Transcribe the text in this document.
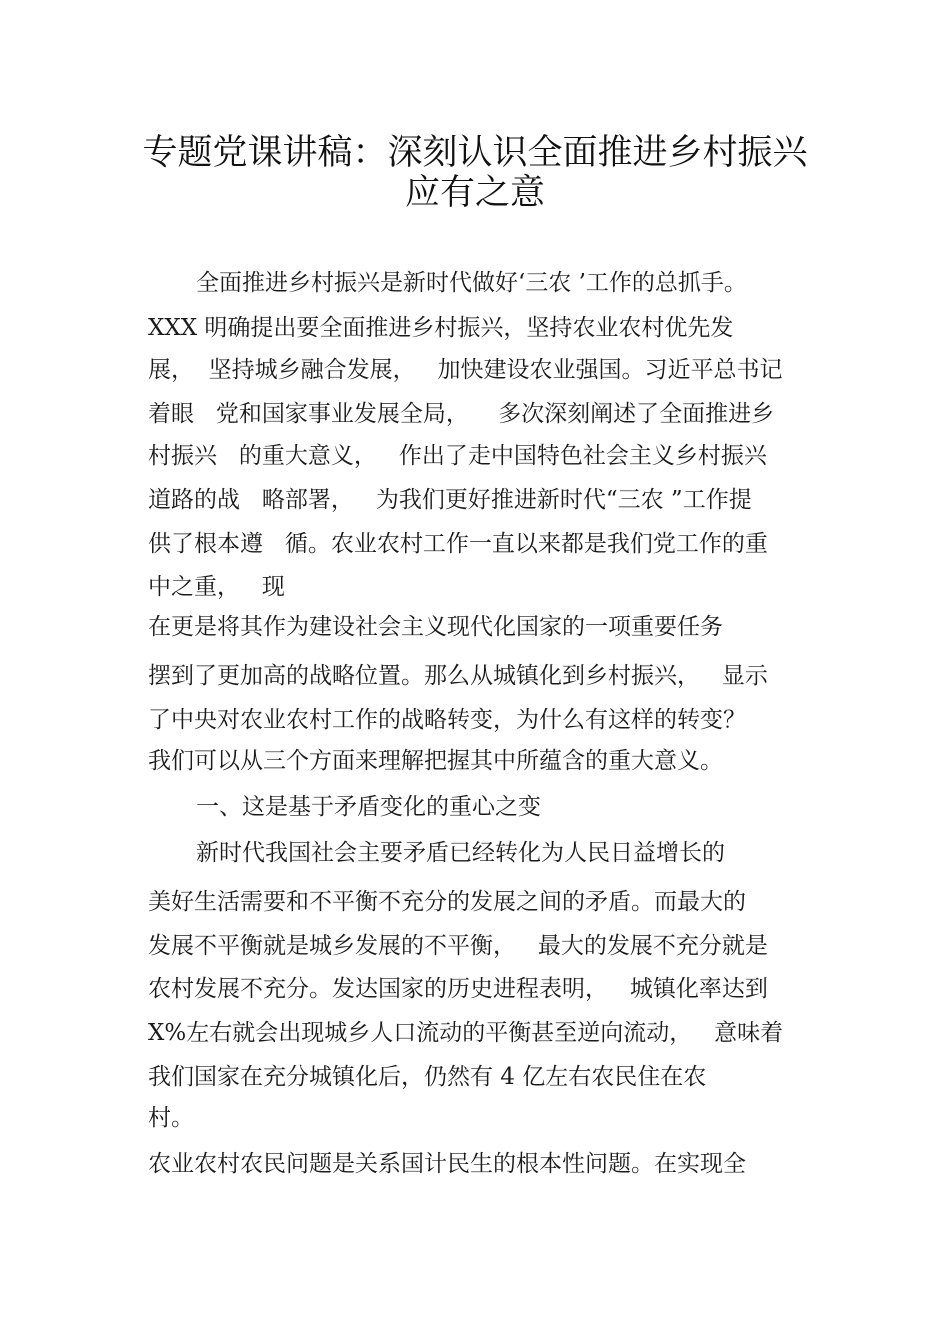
专题党课讲稿：深刻认识全面推进乡村振兴
应有之意
全面推进乡村振兴是新时代做好‘三农 ’工作的总抓手。
XXX 明确提出要全面推进乡村振兴，坚持农业农村优先发
展，  坚持城乡融合发展，   加快建设农业强国。习近平总书记
着眼   党和国家事业发展全局，    多次深刻阐述了全面推进乡
村振兴   的重大意义，   作出了走中国特色社会主义乡村振兴
道路的战   略部署，   为我们更好推进新时代“三农 ”工作提
供了根本遵   循。农业农村工作一直以来都是我们党工作的重
中之重，   现
在更是将其作为建设社会主义现代化国家的一项重要任务
摆到了更加高的战略位置。那么从城镇化到乡村振兴，   显示
了中央对农业农村工作的战略转变，为什么有这样的转变？
我们可以从三个方面来理解把握其中所蕴含的重大意义。
一、这是基于矛盾变化的重心之变
新时代我国社会主要矛盾已经转化为人民日益增长的
美好生活需要和不平衡不充分的发展之间的矛盾。而最大的
发展不平衡就是城乡发展的不平衡，   最大的发展不充分就是
农村发展不充分。发达国家的历史进程表明，   城镇化率达到
X%左右就会出现城乡人口流动的平衡甚至逆向流动，   意味着
我们国家在充分城镇化后，仍然有 4 亿左右农民住在农
村。
农业农村农民问题是关系国计民生的根本性问题。在实现全
